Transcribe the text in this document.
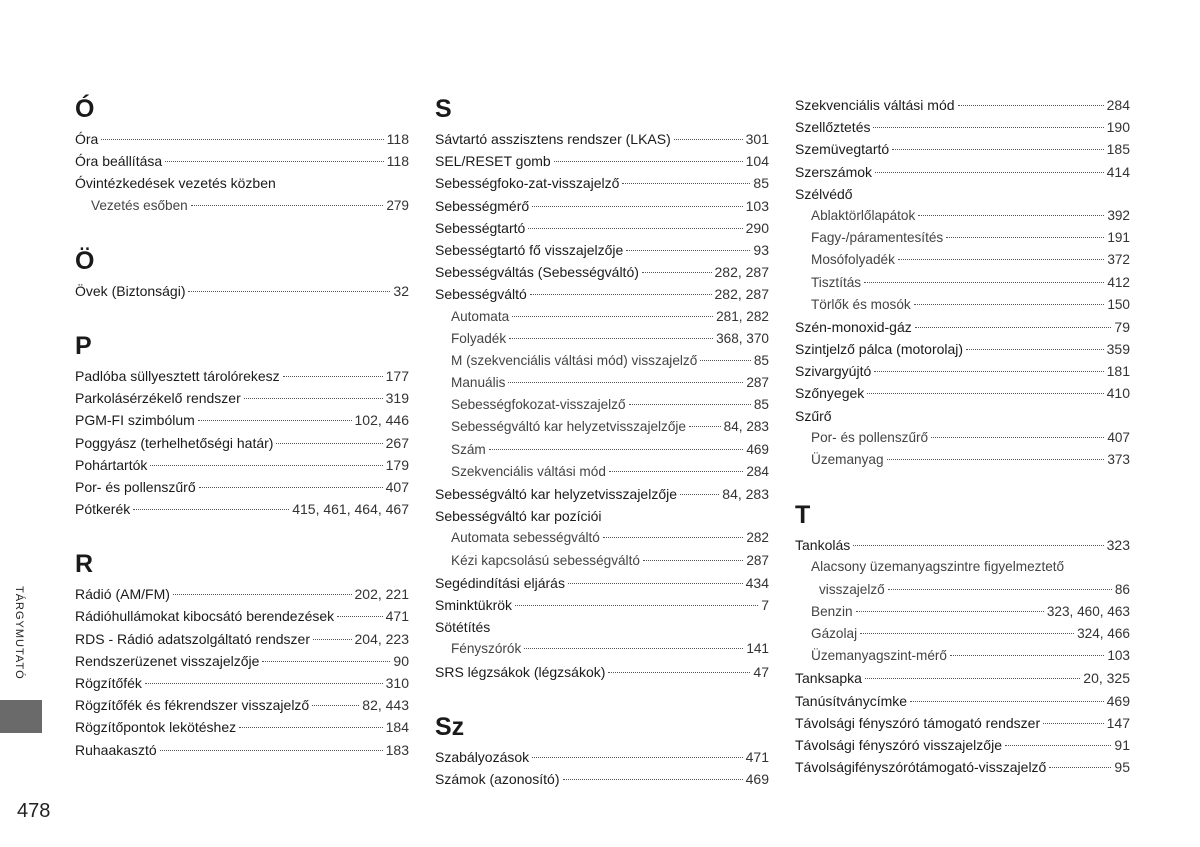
Ó
Óra	118
Óra beállítása	118
Óvintézkedések vezetés közben
Vezetés esőben	279
Ö
Övek (Biztonsági)	32
P
Padlóba süllyesztett tárolórekesz	177
Parkolásérzékelő rendszer	319
PGM-FI szimbólum	102, 446
Poggyász (terhelhetőségi határ)	267
Pohártartók	179
Por- és pollenszűrő	407
Pótkerék	415, 461, 464, 467
R
Rádió (AM/FM)	202, 221
Rádióhullámokat kibocsátó berendezések	471
RDS - Rádió adatszolgáltató rendszer	204, 223
Rendszerüzenet visszajelzője	90
Rögzítőfék	310
Rögzítőfék és fékrendszer visszajelző	82, 443
Rögzítőpontok lekötéshez	184
Ruhaakasztó	183
S
Sávtartó asszisztens rendszer (LKAS)	301
SEL/RESET gomb	104
Sebességfoko-zat-visszajelző	85
Sebességmérő	103
Sebességtartó	290
Sebességtartó fő visszajelzője	93
Sebességváltás (Sebességváltó)	282, 287
Sebességváltó	282, 287
Automata	281, 282
Folyadék	368, 370
M (szekvenciális váltási mód) visszajelző	85
Manuális	287
Sebességfokozat-visszajelző	85
Sebességváltó kar helyzetvisszajelzője	84, 283
Szám	469
Szekvenciális váltási mód	284
Sebességváltó kar helyzetvisszajelzője	84, 283
Sebességváltó kar pozíciói
Automata sebességváltó	282
Kézi kapcsolású sebességváltó	287
Segédindítási eljárás	434
Sminktükrök	7
Sötétítés
Fényszórók	141
SRS légzsákok (légzsákok)	47
Sz
Szabályozások	471
Számok (azonosító)	469
Szekvenciális váltási mód	284
Szellőztetés	190
Szemüvegtartó	185
Szerszámok	414
Szélvédő
Ablaktörlőlapátok	392
Fagy-/páramentesítés	191
Mosófolyadék	372
Tisztítás	412
Törlők és mosók	150
Szén-monoxid-gáz	79
Szintjelző pálca (motorolaj)	359
Szivargyújtó	181
Szőnyegek	410
Szűrő
Por- és pollenszűrő	407
Üzemanyag	373
T
Tankolás	323
Alacsony üzemanyagszintre figyelmeztető
visszajelző	86
Benzin	323, 460, 463
Gázolaj	324, 466
Üzemanyagszint-mérő	103
Tanksapka	20, 325
Tanúsítványcímke	469
Távolsági fényszóró támogató rendszer	147
Távolsági fényszóró visszajelzője	91
Távolságifényszórótámogató-visszajelző	95
TÁRGYMUTATÓ
478
